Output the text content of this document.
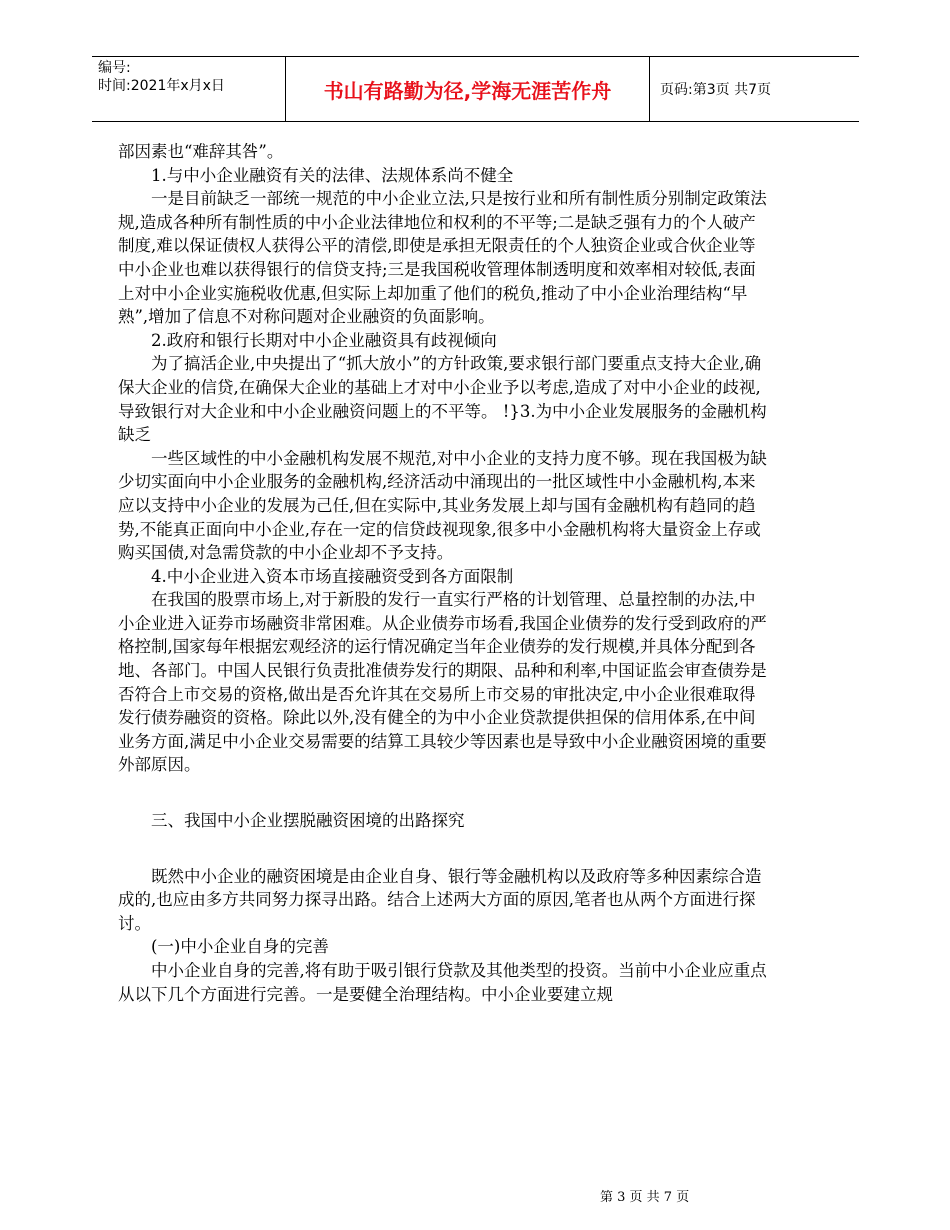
编号:
时间:2021年x月x日	书山有路勤为径,学海无涯苦作舟	页码:第3页 共7页

部因素也“难辞其咎”。

1.与中小企业融资有关的法律、法规体系尚不健全

一是目前缺乏一部统一规范的中小企业立法,只是按行业和所有制性质分别制定政策法规,造成各种所有制性质的中小企业法律地位和权利的不平等;二是缺乏强有力的个人破产制度,难以保证债权人获得公平的清偿,即使是承担无限责任的个人独资企业或合伙企业等中小企业也难以获得银行的信贷支持;三是我国税收管理体制透明度和效率相对较低,表面上对中小企业实施税收优惠,但实际上却加重了他们的税负,推动了中小企业治理结构“早熟”,增加了信息不对称问题对企业融资的负面影响。

2.政府和银行长期对中小企业融资具有歧视倾向

为了搞活企业,中央提出了“抓大放小”的方针政策,要求银行部门要重点支持大企业,确保大企业的信贷,在确保大企业的基础上才对中小企业予以考虑,造成了对中小企业的歧视,导致银行对大企业和中小企业融资问题上的不平等。 !}3.为中小企业发展服务的金融机构缺乏

一些区域性的中小金融机构发展不规范,对中小企业的支持力度不够。现在我国极为缺少切实面向中小企业服务的金融机构,经济活动中涌现出的一批区域性中小金融机构,本来应以支持中小企业的发展为己任,但在实际中,其业务发展上却与国有金融机构有趋同的趋势,不能真正面向中小企业,存在一定的信贷歧视现象,很多中小金融机构将大量资金上存或购买国债,对急需贷款的中小企业却不予支持。

4.中小企业进入资本市场直接融资受到各方面限制

在我国的股票市场上,对于新股的发行一直实行严格的计划管理、总量控制的办法,中小企业进入证券市场融资非常困难。从企业债券市场看,我国企业债券的发行受到政府的严格控制,国家每年根据宏观经济的运行情况确定当年企业债券的发行规模,并具体分配到各地、各部门。中国人民银行负责批准债券发行的期限、品种和利率,中国证监会审查债券是否符合上市交易的资格,做出是否允许其在交易所上市交易的审批决定,中小企业很难取得发行债券融资的资格。除此以外,没有健全的为中小企业贷款提供担保的信用体系,在中间业务方面,满足中小企业交易需要的结算工具较少等因素也是导致中小企业融资困境的重要外部原因。

三、我国中小企业摆脱融资困境的出路探究

既然中小企业的融资困境是由企业自身、银行等金融机构以及政府等多种因素综合造成的,也应由多方共同努力探寻出路。结合上述两大方面的原因,笔者也从两个方面进行探讨。

(一)中小企业自身的完善

中小企业自身的完善,将有助于吸引银行贷款及其他类型的投资。当前中小企业应重点从以下几个方面进行完善。一是要健全治理结构。中小企业要建立规

第 3 页 共 7 页
